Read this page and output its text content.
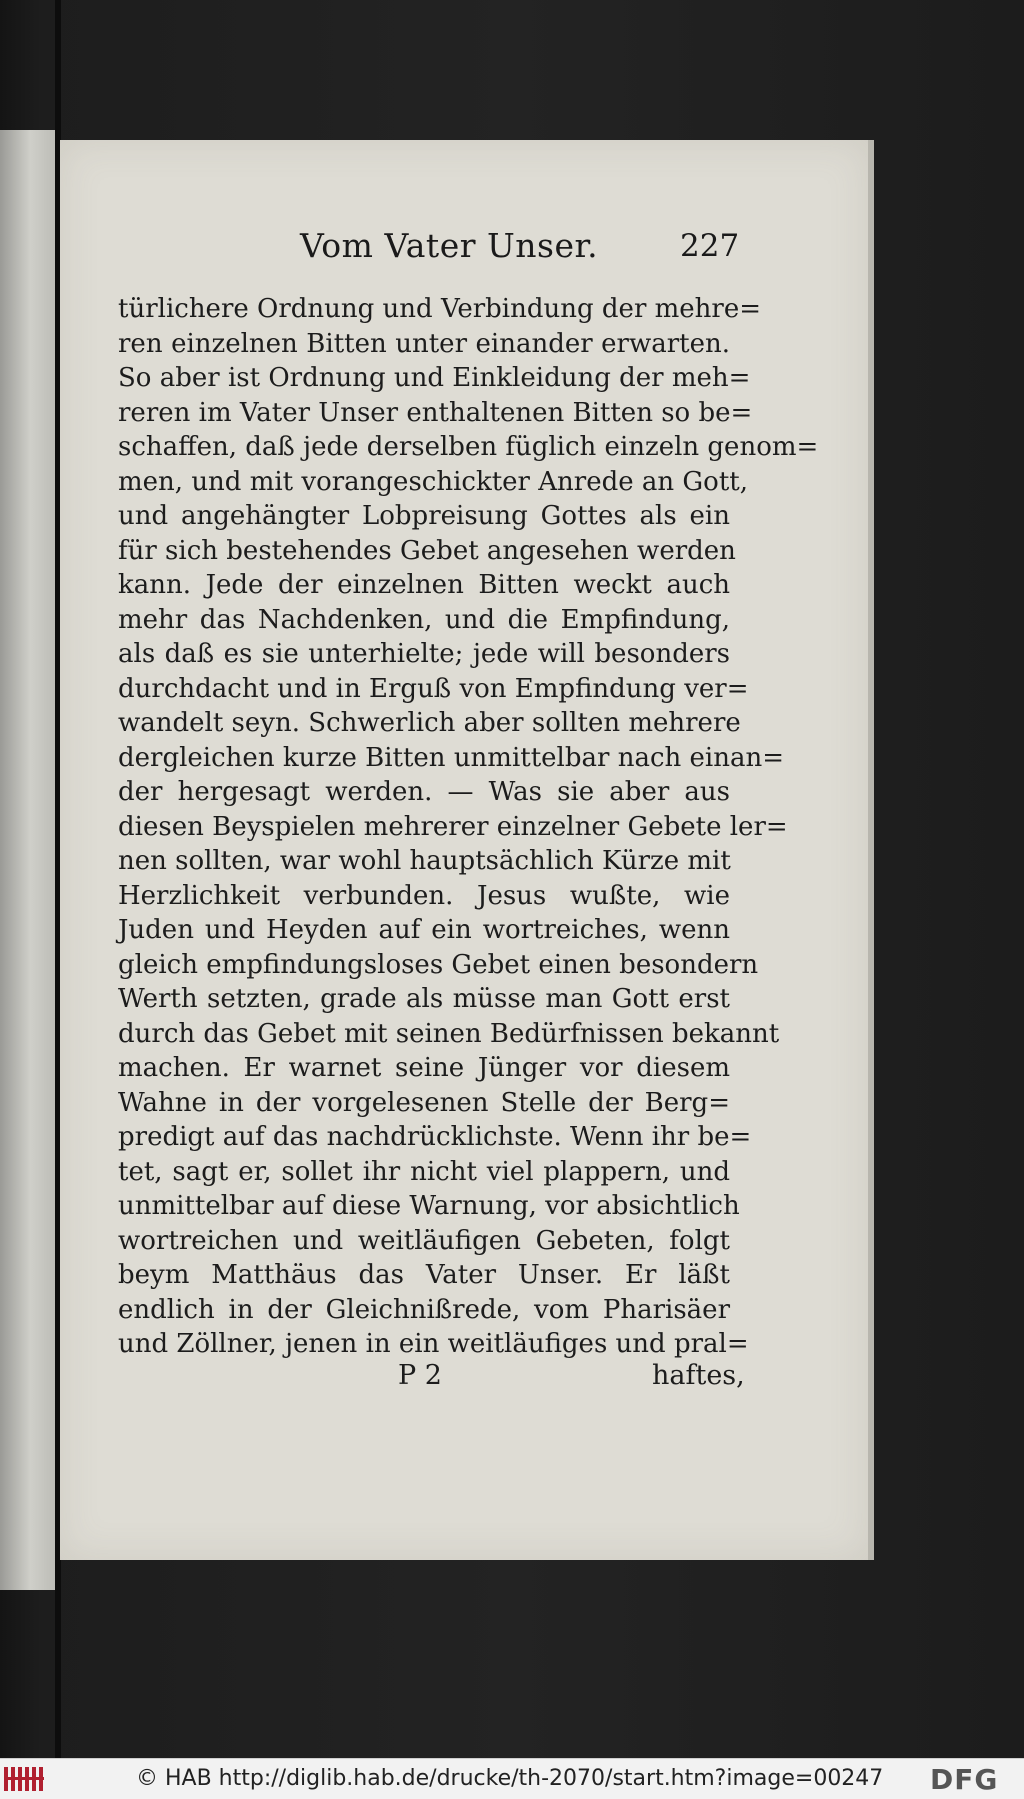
Vom Vater Unser.	227
türlichere Ordnung und Verbindung der mehre=
ren einzelnen Bitten unter einander erwarten.
So aber ist Ordnung und Einkleidung der meh=
reren im Vater Unser enthaltenen Bitten so be=
schaffen, daß jede derselben füglich einzeln genom=
men, und mit vorangeschickter Anrede an Gott,
und angehängter Lobpreisung Gottes als ein
für sich bestehendes Gebet angesehen werden
kann. Jede der einzelnen Bitten weckt auch
mehr das Nachdenken, und die Empfindung,
als daß es sie unterhielte; jede will besonders
durchdacht und in Erguß von Empfindung ver=
wandelt seyn. Schwerlich aber sollten mehrere
dergleichen kurze Bitten unmittelbar nach einan=
der hergesagt werden. — Was sie aber aus
diesen Beyspielen mehrerer einzelner Gebete ler=
nen sollten, war wohl hauptsächlich Kürze mit
Herzlichkeit verbunden. Jesus wußte, wie
Juden und Heyden auf ein wortreiches, wenn
gleich empfindungsloses Gebet einen besondern
Werth setzten, grade als müsse man Gott erst
durch das Gebet mit seinen Bedürfnissen bekannt
machen. Er warnet seine Jünger vor diesem
Wahne in der vorgelesenen Stelle der Berg=
predigt auf das nachdrücklichste. Wenn ihr be=
tet, sagt er, sollet ihr nicht viel plappern, und
unmittelbar auf diese Warnung, vor absichtlich
wortreichen und weitläufigen Gebeten, folgt
beym Matthäus das Vater Unser. Er läßt
endlich in der Gleichnißrede, vom Pharisäer
und Zöllner, jenen in ein weitläufiges und pral=
P 2	haftes,
© HAB http://diglib.hab.de/drucke/th-2070/start.htm?image=00247 DFG
